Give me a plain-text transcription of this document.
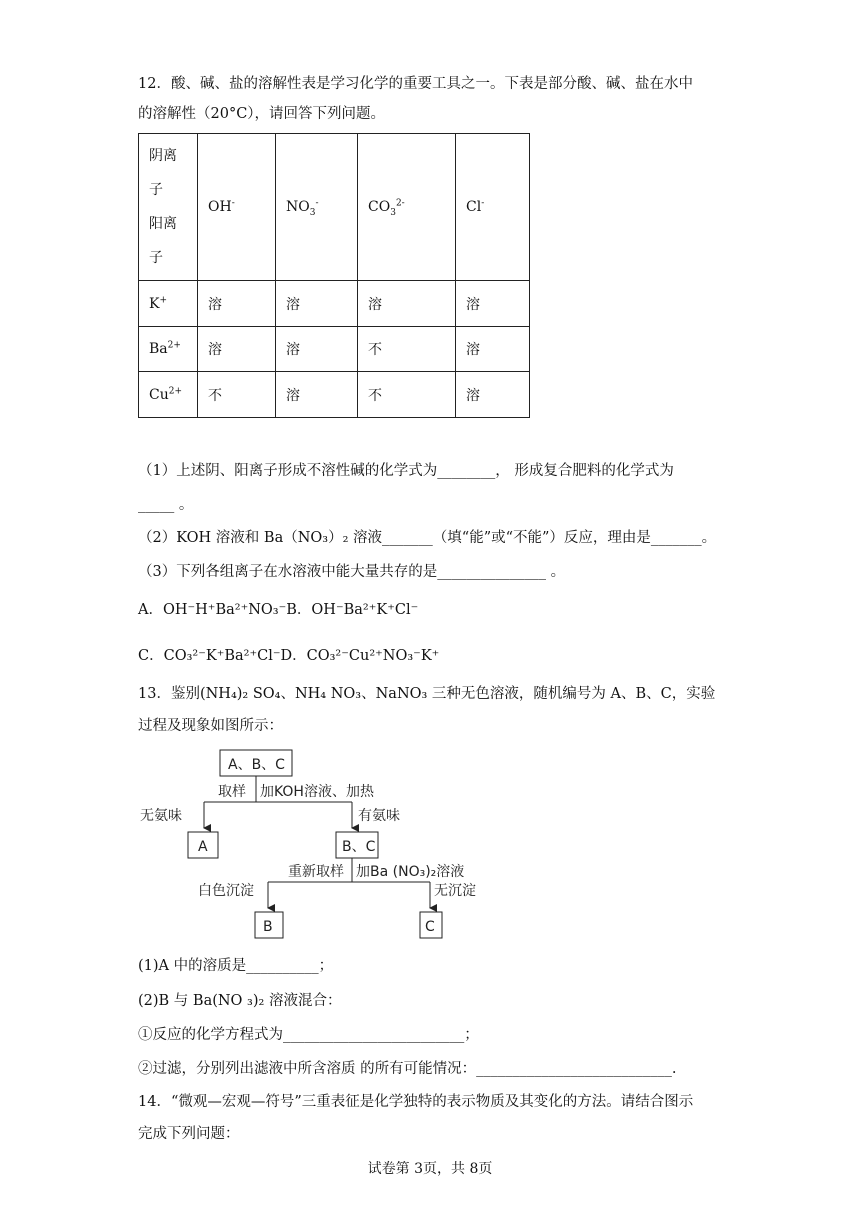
12．酸、碱、盐的溶解性表是学习化学的重要工具之一。下表是部分酸、碱、盐在水中
的溶解性（20°C），请回答下列问题。
阴离
子
阳离
子	OH-	$NO_3^-$	$CO_3^{2-}$	Cl-
K+	溶	溶	溶	溶
$Ba^{2+}$	溶	溶	不	溶
$Cu^{2+}$	不	溶	不	溶
（1）上述阴、阳离子形成不溶性碱的化学式为________， 形成复合肥料的化学式为
_____ 。
（2）KOH 溶液和 Ba（NO₃）₂ 溶液_______（填“能”或“不能”）反应，理由是_______。
（3）下列各组离子在水溶液中能大量共存的是_______________ 。
A．OH⁻H⁺Ba²⁺NO₃⁻B．OH⁻Ba²⁺K⁺Cl⁻
C．CO₃²⁻K⁺Ba²⁺Cl⁻D．CO₃²⁻Cu²⁺NO₃⁻K⁺
13．鉴别(NH₄)₂ SO₄、NH₄ NO₃、NaNO₃ 三种无色溶液，随机编号为 A、B、C，实验
过程及现象如图所示：
A、B、C
取样 加KOH溶液、加热
无氨味	有氨味
A	B、C
重新取样 加Ba (NO₃)₂溶液
白色沉淀	无沉淀
B	C
(1)A 中的溶质是__________；
(2)B 与 Ba(NO ₃)₂ 溶液混合：
①反应的化学方程式为_________________________；
②过滤，分别列出滤液中所含溶质 的所有可能情况：___________________________.
14．“微观—宏观—符号”三重表征是化学独特的表示物质及其变化的方法。请结合图示
完成下列问题：
试卷第 3页，共 8页
